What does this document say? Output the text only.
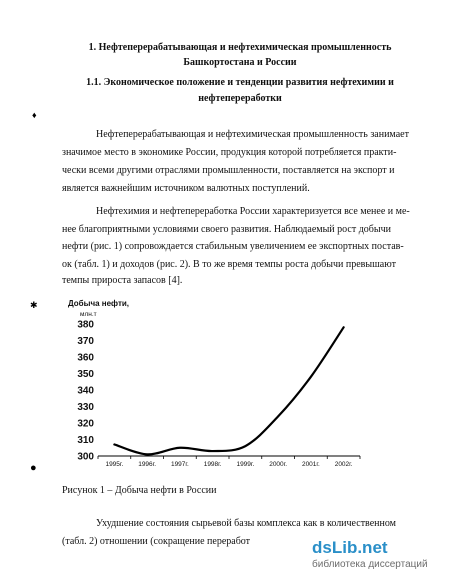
1. Нефтеперерабатывающая и нефтехимическая промышленность
Башкортостана и России
1.1. Экономическое положение и тенденции развития нефтехимии и
нефтепереработки
♦
Нефтеперерабатывающая и нефтехимическая промышленность занимает
значимое место в экономике России, продукция которой потребляется практи-
чески всеми другими отраслями промышленности, поставляется на экспорт и
является важнейшим источником валютных поступлений.
Нефтехимия и нефтепереработка России характеризуется все менее и ме-
нее благоприятными условиями своего развития. Наблюдаемый рост добычи
нефти (рис. 1) сопровождается стабильным увеличением ее экспортных постав-
ок (табл. 1) и доходов (рис. 2). В то же время темпы роста добычи превышают
темпы прироста запасов [4].
✱	Добыча нефти,
млн.т
300
310
320
330
340
350
360
370
380
1995г. 1996г. 1997г. 1998г. 1999г. 2000г. 2001г. 2002г.
●
Рисунок 1 – Добыча нефти в России
Ухудшение состояния сырьевой базы комплекса как в количественном
(табл. 2) отношении (сокращение переработ	dsLib.net
библиотека диссертаций
